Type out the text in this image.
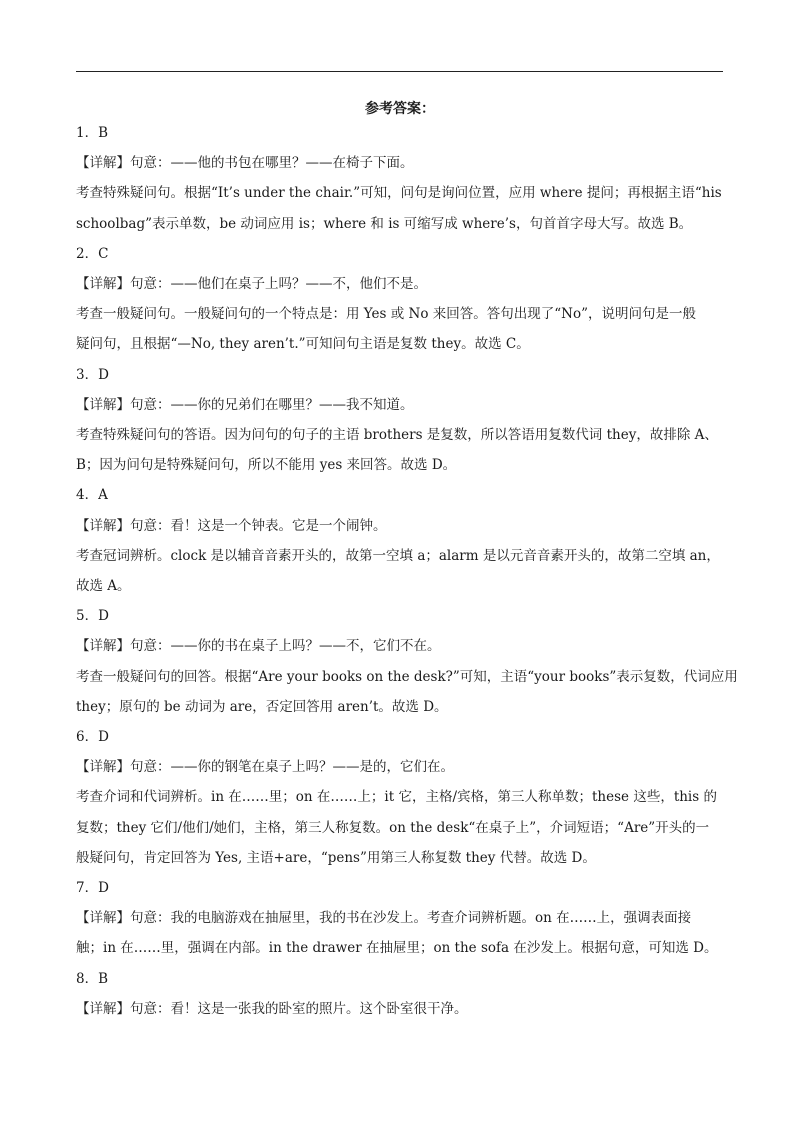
参考答案：
1．B
【详解】句意：——他的书包在哪里？——在椅子下面。
考查特殊疑问句。根据“It’s under the chair.”可知，问句是询问位置，应用 where 提问；再根据主语“his
schoolbag”表示单数，be 动词应用 is；where 和 is 可缩写成 where’s，句首首字母大写。故选 B。
2．C
【详解】句意：——他们在桌子上吗？——不，他们不是。
考查一般疑问句。一般疑问句的一个特点是：用 Yes 或 No 来回答。答句出现了“No”，说明问句是一般
疑问句，且根据“—No, they aren’t.”可知问句主语是复数 they。故选 C。
3．D
【详解】句意：——你的兄弟们在哪里？——我不知道。
考查特殊疑问句的答语。因为问句的句子的主语 brothers 是复数，所以答语用复数代词 they，故排除 A、
B；因为问句是特殊疑问句，所以不能用 yes 来回答。故选 D。
4．A
【详解】句意：看！这是一个钟表。它是一个闹钟。
考查冠词辨析。clock 是以辅音音素开头的，故第一空填 a；alarm 是以元音音素开头的，故第二空填 an，
故选 A。
5．D
【详解】句意：——你的书在桌子上吗？——不，它们不在。
考查一般疑问句的回答。根据“Are your books on the desk?”可知，主语“your books”表示复数，代词应用
they；原句的 be 动词为 are，否定回答用 aren’t。故选 D。
6．D
【详解】句意：——你的钢笔在桌子上吗？——是的，它们在。
考查介词和代词辨析。in 在……里；on 在……上；it 它，主格/宾格，第三人称单数；these 这些，this 的
复数；they 它们/他们/她们，主格，第三人称复数。on the desk“在桌子上”，介词短语；“Are”开头的一
般疑问句，肯定回答为 Yes, 主语+are，“pens”用第三人称复数 they 代替。故选 D。
7．D
【详解】句意：我的电脑游戏在抽屉里，我的书在沙发上。考查介词辨析题。on 在……上，强调表面接
触；in 在……里，强调在内部。in the drawer 在抽屉里；on the sofa 在沙发上。根据句意，可知选 D。
8．B
【详解】句意：看！这是一张我的卧室的照片。这个卧室很干净。
